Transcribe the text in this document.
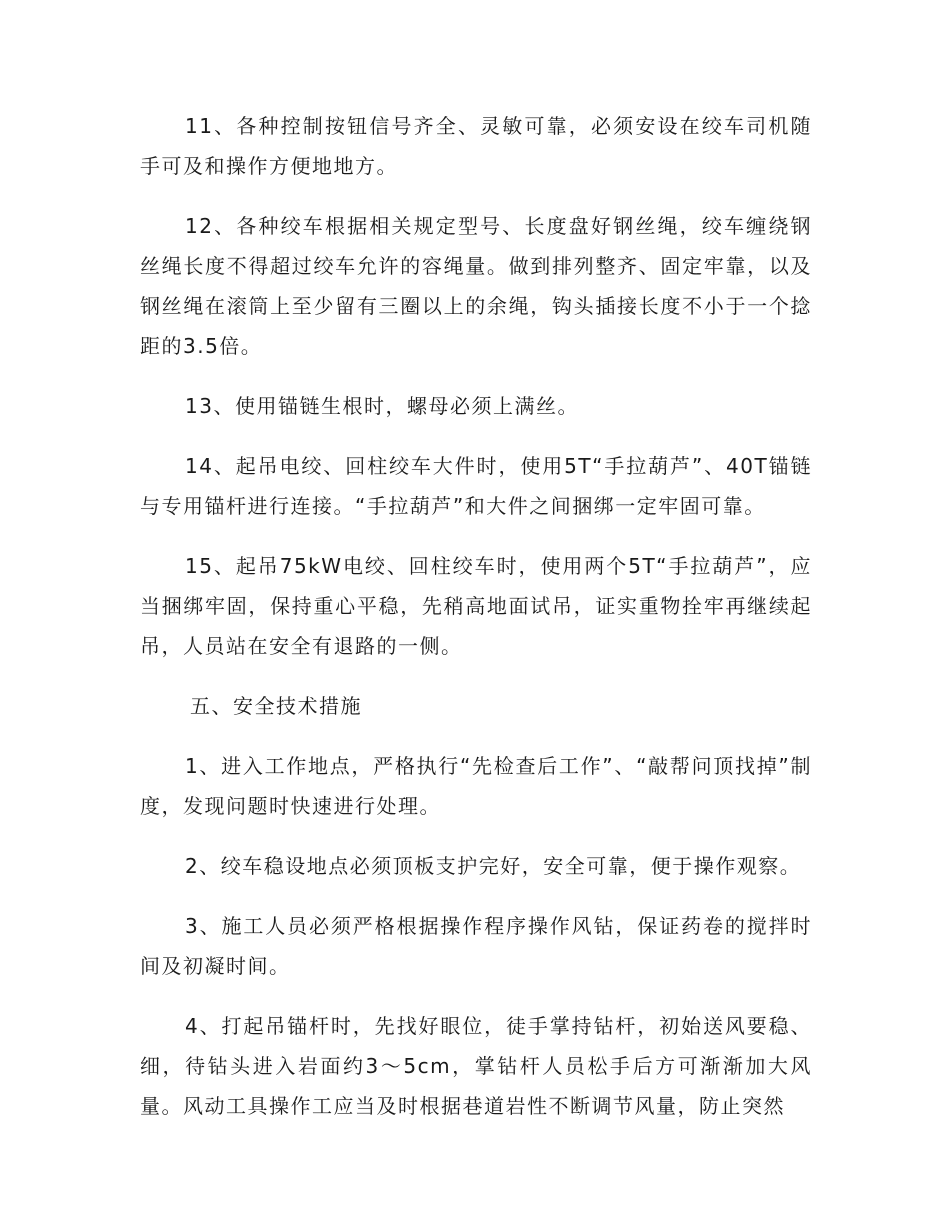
11、各种控制按钮信号齐全、灵敏可靠，必须安设在绞车司机随手可及和操作方便地地方。

12、各种绞车根据相关规定型号、长度盘好钢丝绳，绞车缠绕钢丝绳长度不得超过绞车允许的容绳量。做到排列整齐、固定牢靠，以及钢丝绳在滚筒上至少留有三圈以上的余绳，钩头插接长度不小于一个捻距的3.5倍。

13、使用锚链生根时，螺母必须上满丝。

14、起吊电绞、回柱绞车大件时，使用5T“手拉葫芦”、40T锚链与专用锚杆进行连接。“手拉葫芦”和大件之间捆绑一定牢固可靠。

15、起吊75kW电绞、回柱绞车时，使用两个5T“手拉葫芦”，应当捆绑牢固，保持重心平稳，先稍高地面试吊，证实重物拴牢再继续起吊，人员站在安全有退路的一侧。

五、安全技术措施

1、进入工作地点，严格执行“先检查后工作”、“敲帮问顶找掉”制度，发现问题时快速进行处理。

2、绞车稳设地点必须顶板支护完好，安全可靠，便于操作观察。

3、施工人员必须严格根据操作程序操作风钻，保证药卷的搅拌时间及初凝时间。

4、打起吊锚杆时，先找好眼位，徒手掌持钻杆，初始送风要稳、细，待钻头进入岩面约3～5cm，掌钻杆人员松手后方可渐渐加大风量。风动工具操作工应当及时根据巷道岩性不断调节风量，防止突然
